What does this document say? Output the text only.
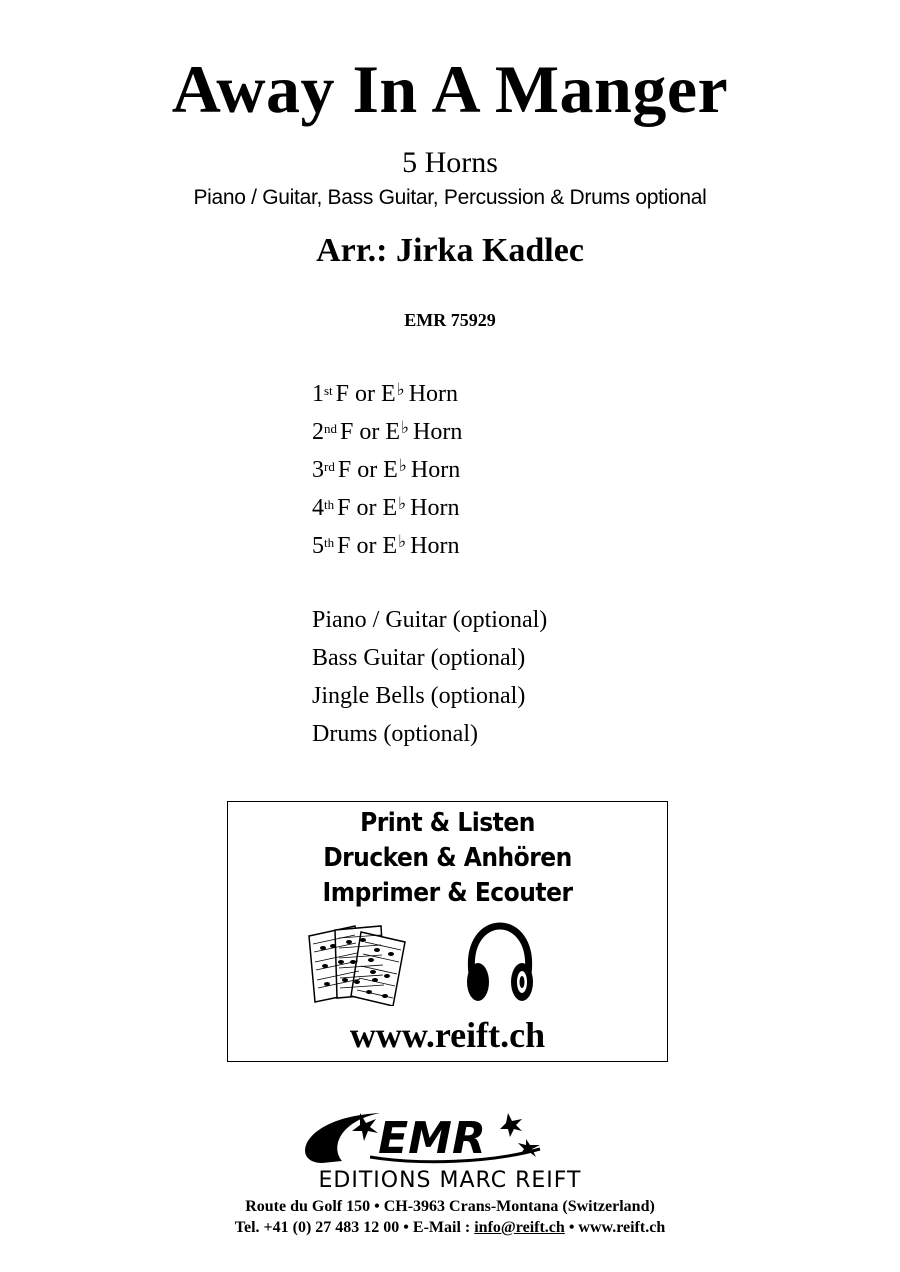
Away In A Manger
5 Horns
Piano / Guitar, Bass Guitar, Percussion & Drums optional
Arr.: Jirka Kadlec
EMR 75929
1st F or E♭ Horn
2nd F or E♭ Horn
3rd F or E♭ Horn
4th F or E♭ Horn
5th F or E♭ Horn
Piano / Guitar (optional)
Bass Guitar (optional)
Jingle Bells (optional)
Drums (optional)
Print & Listen
Drucken & Anhören
Imprimer & Ecouter
www.reift.ch
EMR
EDITIONS MARC REIFT
Route du Golf 150 • CH-3963 Crans-Montana (Switzerland)
Tel. +41 (0) 27 483 12 00 • E-Mail : info@reift.ch • www.reift.ch
